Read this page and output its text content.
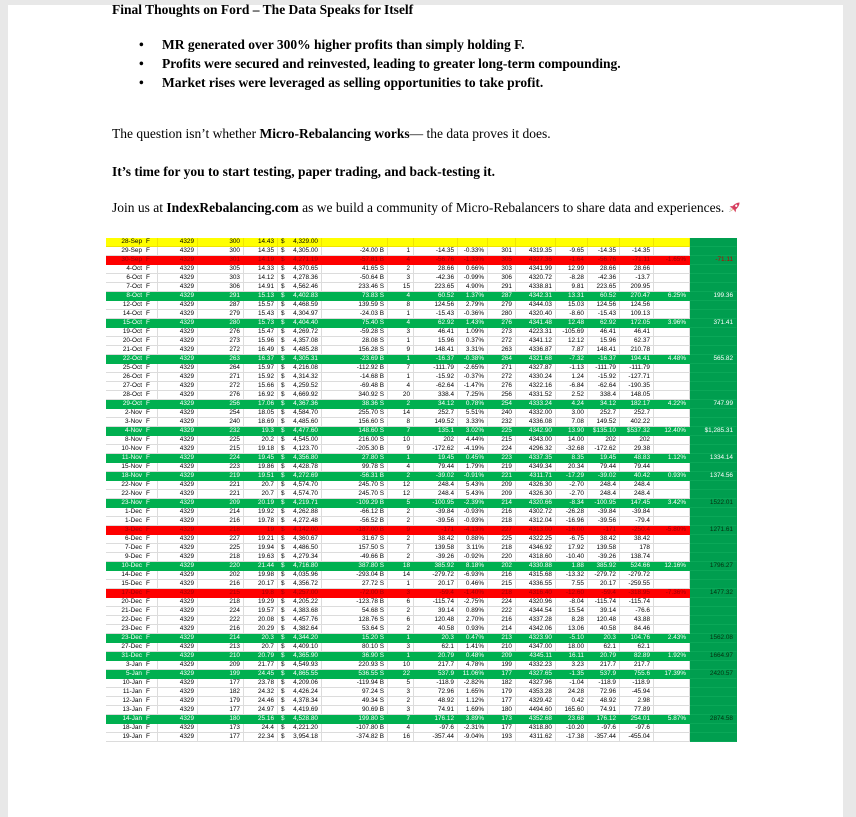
Final Thoughts on Ford – The Data Speaks for Itself
• MR generated over 300% higher profits than simply holding F.
• Profits were secured and reinvested, leading to greater long-term compounding.
• Market rises were leveraged as selling opportunities to take profit.

The question isn’t whether Micro-Rebalancing works— the data proves it does.

It’s time for you to start testing, paper trading, and back-testing it.

Join us at IndexRebalancing.com as we build a community of Micro-Rebalancers to share data and experiences.

28-Sep F	4329	300	14.43	$ 4,329.00
29-Sep F	4329	300	14.35	$ 4,305.00	-24.00 B	1	-14.35	-0.33%	301	4319.35	-9.65	-14.35	-14.35
30-Sep F	4329	301	14.19	$ 4,271.19	-57.81 B	4	-56.76	-1.33%	305	4327.36	-1.64	-56.76	-71.11	-1.65%	-71.11
4-Oct F	4329	305	14.33	$ 4,370.65	41.65 S	2	28.66	0.66%	303	4341.99	12.99	28.66	28.66
6-Oct F	4329	303	14.12	$ 4,278.36	-50.64 B	3	-42.36	-0.99%	306	4320.72	-8.28	-42.36	-13.7
7-Oct F	4329	306	14.91	$ 4,562.46	233.46 S	15	223.65	4.90%	291	4338.81	9.81	223.65	209.95
8-Oct F	4329	291	15.13	$ 4,402.83	73.83 S	4	60.52	1.37%	287	4342.31	13.31	60.52	270.47	6.25%	199.36
12-Oct F	4329	287	15.57	$ 4,468.59	139.59 S	8	124.56	2.79%	279	4344.03	15.03	124.56	124.56
14-Oct F	4329	279	15.43	$ 4,304.97	-24.03 B	1	-15.43	-0.36%	280	4320.40	-8.60	-15.43	109.13
15-Oct F	4329	280	15.73	$ 4,404.40	75.40 S	4	62.92	1.43%	276	4341.48	12.48	62.92	172.05	3.96%	371.41
19-Oct F	4329	276	15.47	$ 4,269.72	-59.28 S	3	46.41	1.09%	273	4223.31	-105.69	46.41	46.41
20-Oct F	4329	273	15.96	$ 4,357.08	28.08 S	1	15.96	0.37%	272	4341.12	12.12	15.96	62.37
21-Oct F	4329	272	16.49	$ 4,485.28	156.28 S	9	148.41	3.31%	263	4336.87	7.87	148.41	210.78
22-Oct F	4329	263	16.37	$ 4,305.31	-23.69 B	1	-16.37	-0.38%	264	4321.68	-7.32	-16.37	194.41	4.48%	565.82
25-Oct F	4329	264	15.97	$ 4,216.08	-112.92 B	7	-111.79	-2.65%	271	4327.87	-1.13	-111.79	-111.79
26-Oct F	4329	271	15.92	$ 4,314.32	-14.68 B	1	-15.92	-0.37%	272	4330.24	1.24	-15.92	-127.71
27-Oct F	4329	272	15.66	$ 4,259.52	-69.48 B	4	-62.64	-1.47%	276	4322.16	-6.84	-62.64	-190.35
28-Oct F	4329	276	16.92	$ 4,669.92	340.92 S	20	338.4	7.25%	256	4331.52	2.52	338.4	148.05
29-Oct F	4329	256	17.06	$ 4,367.36	38.36 S	2	34.12	0.78%	254	4333.24	4.24	34.12	182.17	4.22%	747.99
2-Nov F	4329	254	18.05	$ 4,584.70	255.70 S	14	252.7	5.51%	240	4332.00	3.00	252.7	252.7
3-Nov F	4329	240	18.69	$ 4,485.60	156.60 S	8	149.52	3.33%	232	4336.08	7.08	149.52	402.22
4-Nov F	4329	232	19.3	$ 4,477.60	148.60 S	7	135.1	3.02%	225	4342.90	13.90	$135.10	$537.32	12.40%	$1,285.31
8-Nov F	4329	225	20.2	$ 4,545.00	216.00 S	10	202	4.44%	215	4343.00	14.00	202	202
10-Nov F	4329	215	19.18	$ 4,123.70	-205.30 B	9	-172.62	-4.19%	224	4296.32	-32.68	-172.62	29.38
11-Nov F	4329	224	19.45	$ 4,356.80	27.80 S	1	19.45	0.45%	223	4337.35	8.35	19.45	48.83	1.12%	1334.14
15-Nov F	4329	223	19.86	$ 4,428.78	99.78 S	4	79.44	1.79%	219	4349.34	20.34	79.44	79.44
18-Nov F	4329	219	19.51	$ 4,272.69	-56.31 B	2	-39.02	-0.91%	221	4311.71	-17.29	-39.02	40.42	0.93%	1374.56
22-Nov F	4329	221	20.7	$ 4,574.70	245.70 S	12	248.4	5.43%	209	4326.30	-2.70	248.4	248.4
22-Nov F	4329	221	20.7	$ 4,574.70	245.70 S	12	248.4	5.43%	209	4326.30	-2.70	248.4	248.4
23-Nov F	4329	209	20.19	$ 4,219.71	-109.29 B	5	-100.95	-2.39%	214	4320.66	-8.34	-100.95	147.45	3.42%	1522.01
1-Dec F	4329	214	19.92	$ 4,262.88	-66.12 B	2	-39.84	-0.93%	216	4302.72	-26.28	-39.84	-39.84
1-Dec F	4329	216	19.78	$ 4,272.48	-56.52 B	2	-39.56	-0.93%	218	4312.04	-16.96	-39.56	-79.4
3-Dec F	4329	218	19	$ 4,142.00	-187.00 B	9	-171	-4.13%	227	4313.00	-16.00	-171	-250.4	-5.80%	1271.61
6-Dec F	4329	227	19.21	$ 4,360.67	31.67 S	2	38.42	0.88%	225	4322.25	-6.75	38.42	38.42
7-Dec F	4329	225	19.94	$ 4,486.50	157.50 S	7	139.58	3.11%	218	4346.92	17.92	139.58	178
9-Dec F	4329	218	19.63	$ 4,279.34	-49.66 B	2	-39.26	-0.92%	220	4318.60	-10.40	-39.26	138.74
10-Dec F	4329	220	21.44	$ 4,716.80	387.80 S	18	385.92	8.18%	202	4330.88	1.88	385.92	524.66	12.16%	1796.27
14-Dec F	4329	202	19.98	$ 4,035.96	-293.04 B	14	-279.72	-6.93%	216	4315.68	-13.32	-279.72	-279.72
15-Dec F	4329	216	20.17	$ 4,356.72	27.72 S	1	20.17	0.46%	215	4336.55	7.55	20.17	-259.55
17-Dec F	4329	215	19.8	$ 4,257.00	-72.00 B	3	-59.4	-1.40%	218	4316.40	-12.60	-59.4	-318.95	-7.36%	1477.32
20-Dec F	4329	218	19.29	$ 4,205.22	-123.78 B	6	-115.74	-2.75%	224	4320.96	-8.04	-115.74	-115.74
21-Dec F	4329	224	19.57	$ 4,383.68	54.68 S	2	39.14	0.89%	222	4344.54	15.54	39.14	-76.6
22-Dec F	4329	222	20.08	$ 4,457.76	128.76 S	6	120.48	2.70%	216	4337.28	8.28	120.48	43.88
23-Dec F	4329	216	20.29	$ 4,382.64	53.64 S	2	40.58	0.93%	214	4342.06	13.06	40.58	84.46
23-Dec F	4329	214	20.3	$ 4,344.20	15.20 S	1	20.3	0.47%	213	4323.90	-5.10	20.3	104.76	2.43%	1562.08
27-Dec F	4329	213	20.7	$ 4,409.10	80.10 S	3	62.1	1.41%	210	4347.00	18.00	62.1	62.1
31-Dec F	4329	210	20.79	$ 4,365.90	36.90 S	1	20.79	0.48%	209	4345.11	16.11	20.79	82.89	1.92%	1664.97
3-Jan F	4329	209	21.77	$ 4,549.93	220.93 S	10	217.7	4.78%	199	4332.23	3.23	217.7	217.7
5-Jan F	4329	199	24.45	$ 4,865.55	536.55 S	22	537.9	11.06%	177	4327.65	-1.35	537.9	755.6	17.39%	2420.57
10-Jan F	4329	177	23.78	$ 4,209.06	-119.94 B	5	-118.9	-2.82%	182	4327.96	-1.04	-118.9	-118.9
11-Jan F	4329	182	24.32	$ 4,426.24	97.24 S	3	72.96	1.65%	179	4353.28	24.28	72.96	-45.94
12-Jan F	4329	179	24.46	$ 4,378.34	49.34 S	2	48.92	1.12%	177	4329.42	0.42	48.92	2.98
13-Jan F	4329	177	24.97	$ 4,419.69	90.69 B	3	74.91	1.69%	180	4494.60	165.60	74.91	77.89
14-Jan F	4329	180	25.16	$ 4,528.80	199.80 S	7	176.12	3.89%	173	4352.68	23.68	176.12	254.01	5.87%	2874.58
18-Jan F	4329	173	24.4	$ 4,221.20	-107.80 B	4	-97.6	-2.31%	177	4318.80	-10.20	-97.6	-97.6
19-Jan F	4329	177	22.34	$ 3,954.18	-374.82 B	16	-357.44	-9.04%	193	4311.62	-17.38	-357.44	-455.04
